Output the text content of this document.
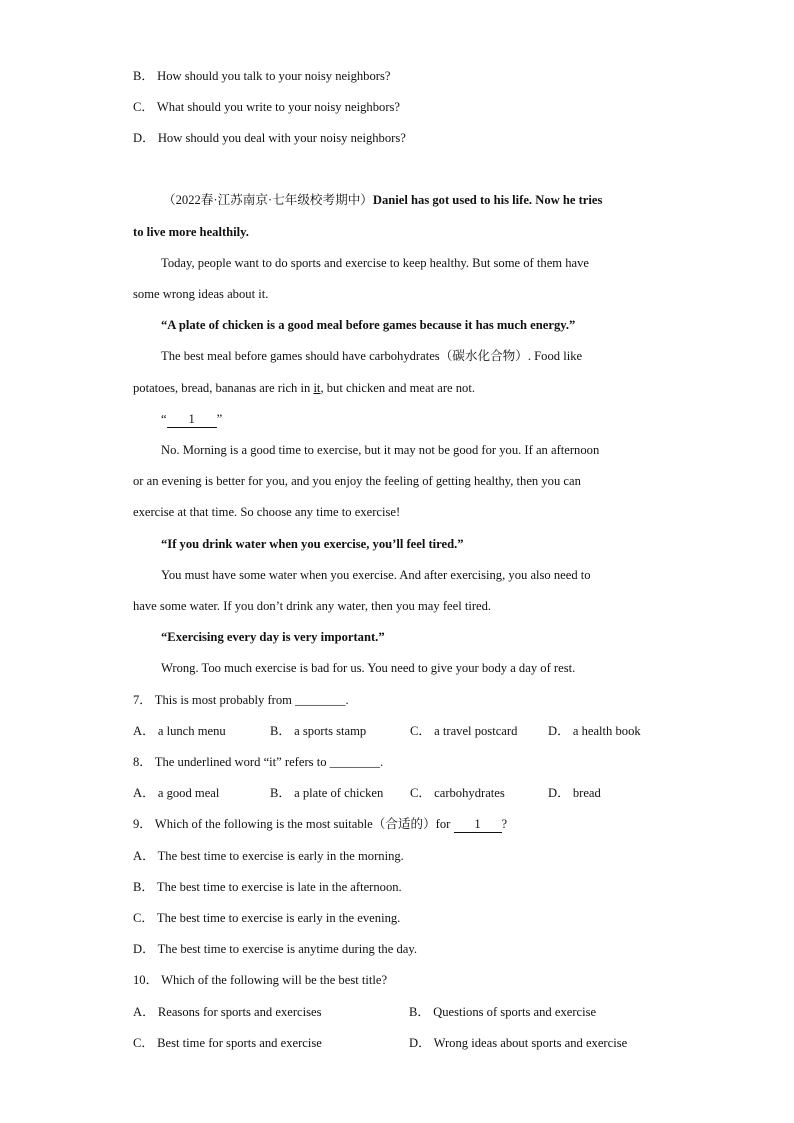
B． How should you talk to your noisy neighbors?
C． What should you write to your noisy neighbors?
D． How should you deal with your noisy neighbors?
（2022春·江苏南京·七年级校考期中）Daniel has got used to his life. Now he tries
to live more healthily.
Today, people want to do sports and exercise to keep healthy. But some of them have
some wrong ideas about it.
“A plate of chicken is a good meal before games because it has much energy.”
The best meal before games should have carbohydrates（碳水化合物）. Food like
potatoes, bread, bananas are rich in it, but chicken and meat are not.
“ 1 ”
No. Morning is a good time to exercise, but it may not be good for you. If an afternoon
or an evening is better for you, and you enjoy the feeling of getting healthy, then you can
exercise at that time. So choose any time to exercise!
“If you drink water when you exercise, you’ll feel tired.”
You must have some water when you exercise. And after exercising, you also need to
have some water. If you don’t drink any water, then you may feel tired.
“Exercising every day is very important.”
Wrong. Too much exercise is bad for us. You need to give your body a day of rest.
7． This is most probably from ________.
A． a lunch menu	B． a sports stamp	C． a travel postcard D． a health book
8． The underlined word “it” refers to ________.
A． a good meal	B． a plate of chicken C． carbohydrates	D． bread
9． Which of the following is the most suitable（合适的）for 1 ?
A． The best time to exercise is early in the morning.
B． The best time to exercise is late in the afternoon.
C． The best time to exercise is early in the evening.
D． The best time to exercise is anytime during the day.
10． Which of the following will be the best title?
A． Reasons for sports and exercises	B． Questions of sports and exercise
C． Best time for sports and exercise	D． Wrong ideas about sports and exercise
